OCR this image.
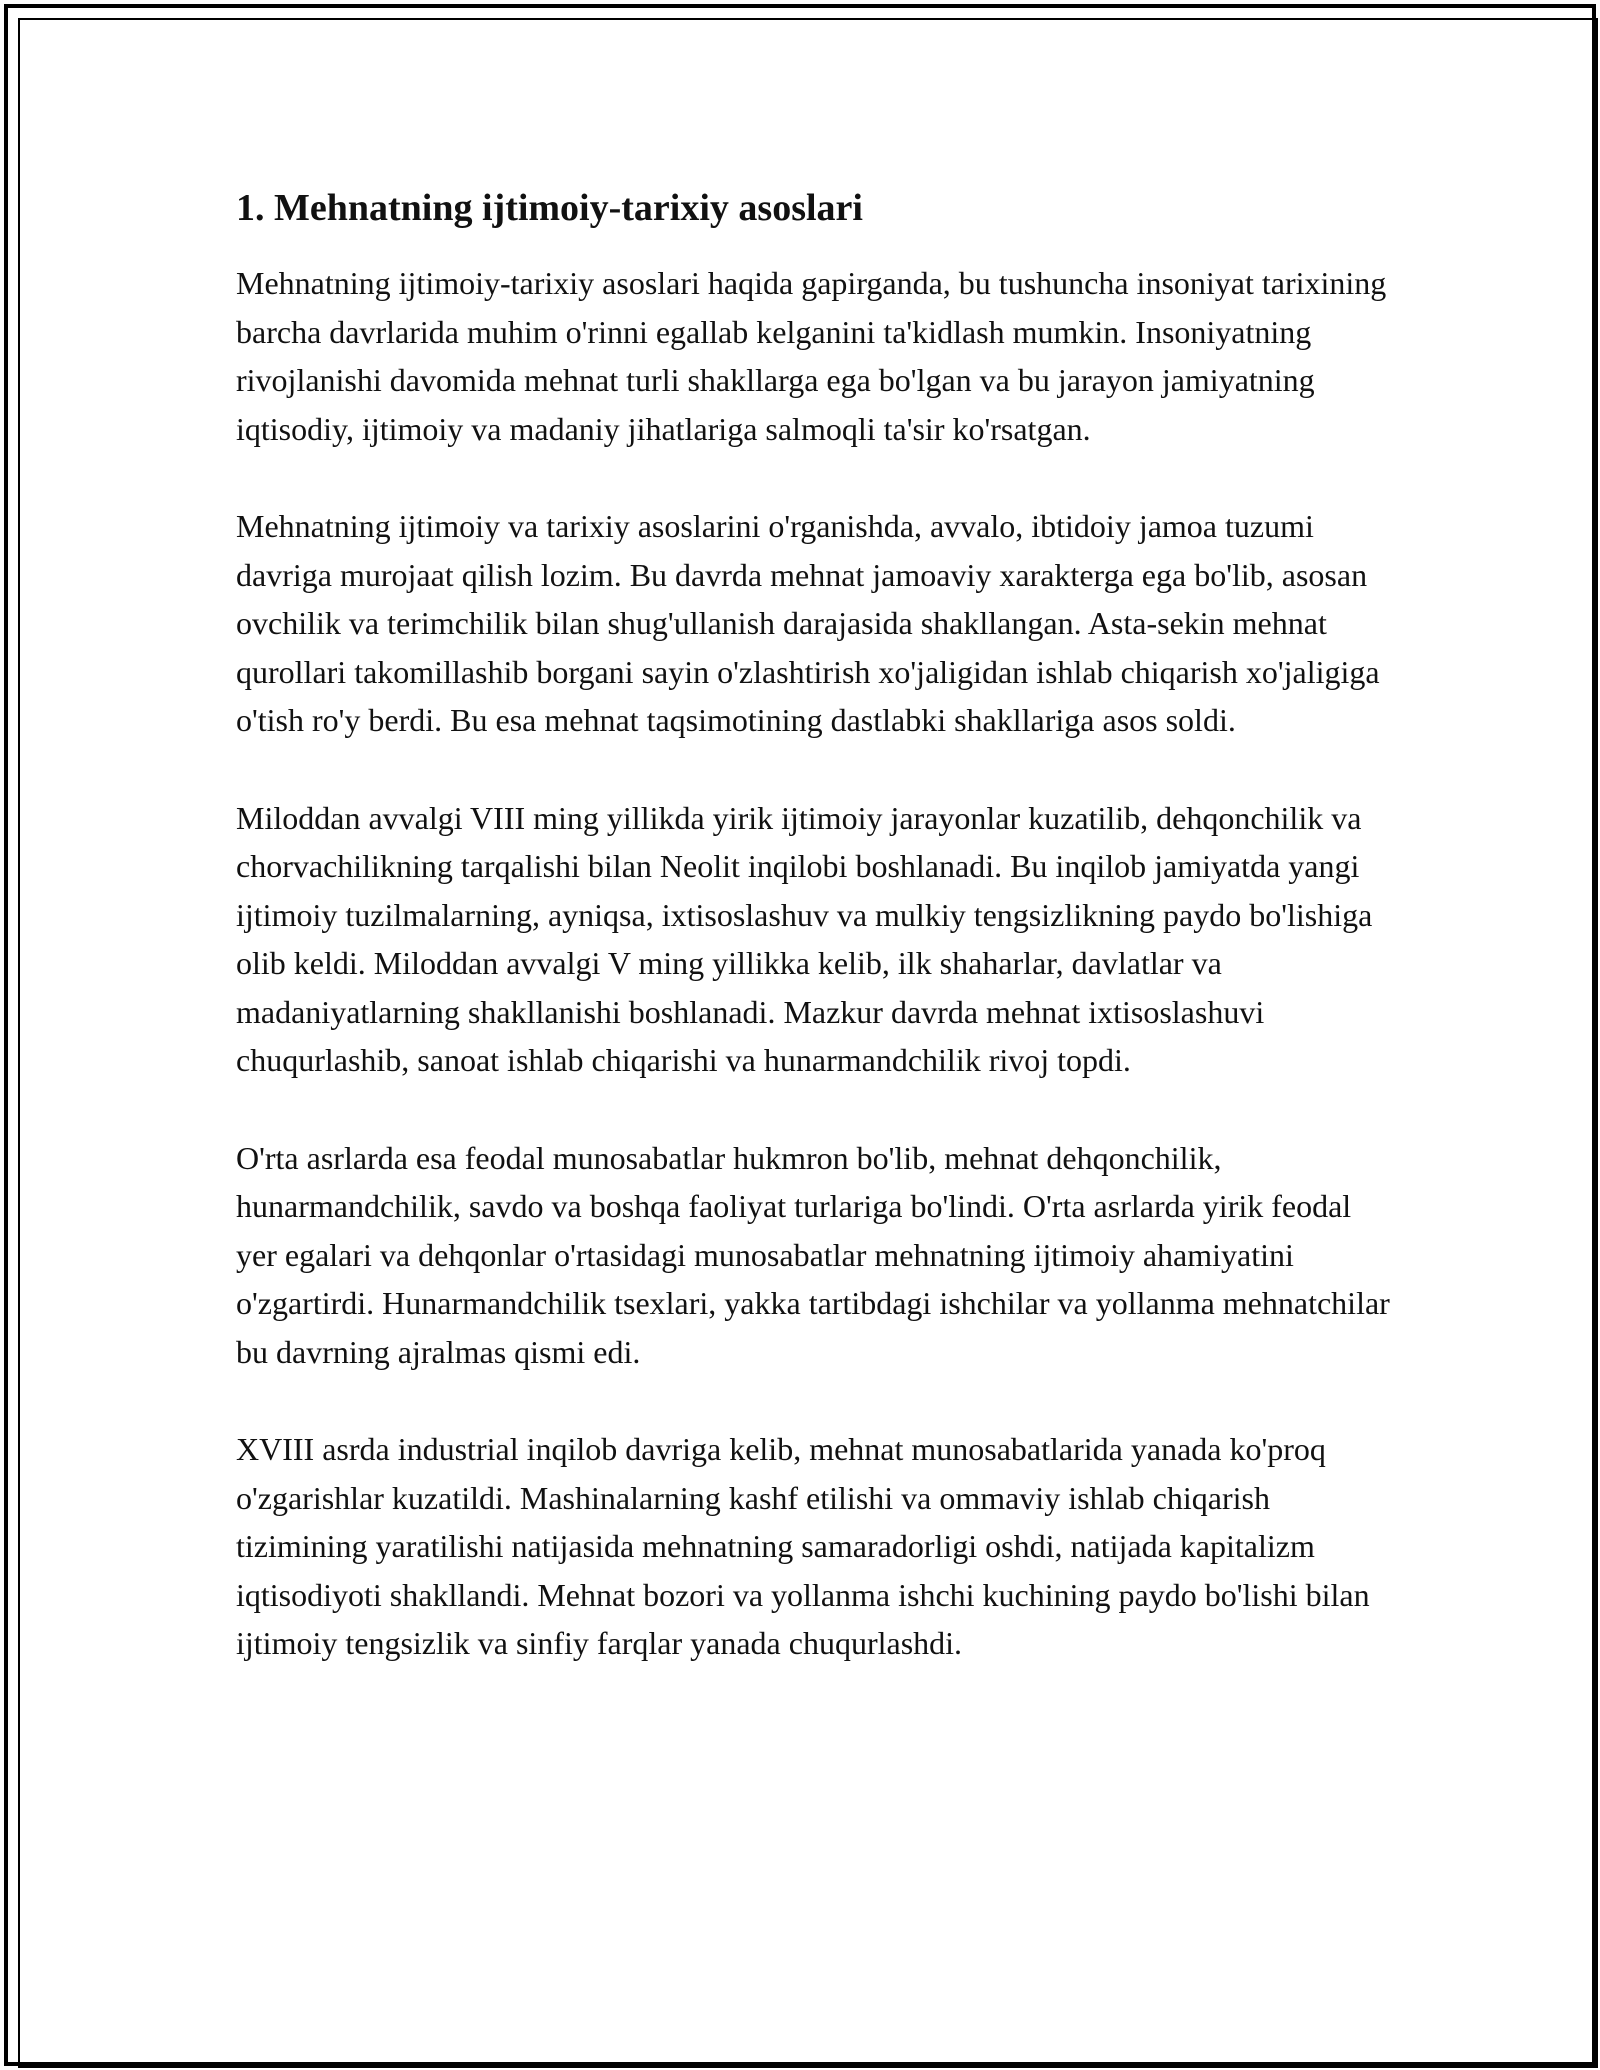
1. Mehnatning ijtimoiy-tarixiy asoslari

Mehnatning ijtimoiy-tarixiy asoslari haqida gapirganda, bu tushuncha insoniyat tarixining barcha davrlarida muhim o'rinni egallab kelganini ta'kidlash mumkin. Insoniyatning rivojlanishi davomida mehnat turli shakllarga ega bo'lgan va bu jarayon jamiyatning iqtisodiy, ijtimoiy va madaniy jihatlariga salmoqli ta'sir ko'rsatgan.

Mehnatning ijtimoiy va tarixiy asoslarini o'rganishda, avvalo, ibtidoiy jamoa tuzumi davriga murojaat qilish lozim. Bu davrda mehnat jamoaviy xarakterga ega bo'lib, asosan ovchilik va terimchilik bilan shug'ullanish darajasida shakllangan. Asta-sekin mehnat qurollari takomillashib borgani sayin o'zlashtirish xo'jaligidan ishlab chiqarish xo'jaligiga o'tish ro'y berdi. Bu esa mehnat taqsimotining dastlabki shakllariga asos soldi.

Miloddan avvalgi VIII ming yillikda yirik ijtimoiy jarayonlar kuzatilib, dehqonchilik va chorvachilikning tarqalishi bilan Neolit inqilobi boshlanadi. Bu inqilob jamiyatda yangi ijtimoiy tuzilmalarning, ayniqsa, ixtisoslashuv va mulkiy tengsizlikning paydo bo'lishiga olib keldi. Miloddan avvalgi V ming yillikka kelib, ilk shaharlar, davlatlar va madaniyatlarning shakllanishi boshlanadi. Mazkur davrda mehnat ixtisoslashuvi chuqurlashib, sanoat ishlab chiqarishi va hunarmandchilik rivoj topdi.

O'rta asrlarda esa feodal munosabatlar hukmron bo'lib, mehnat dehqonchilik, hunarmandchilik, savdo va boshqa faoliyat turlariga bo'lindi. O'rta asrlarda yirik feodal yer egalari va dehqonlar o'rtasidagi munosabatlar mehnatning ijtimoiy ahamiyatini o'zgartirdi. Hunarmandchilik tsexlari, yakka tartibdagi ishchilar va yollanma mehnatchilar bu davrning ajralmas qismi edi.

XVIII asrda industrial inqilob davriga kelib, mehnat munosabatlarida yanada ko'proq o'zgarishlar kuzatildi. Mashinalarning kashf etilishi va ommaviy ishlab chiqarish tizimining yaratilishi natijasida mehnatning samaradorligi oshdi, natijada kapitalizm iqtisodiyoti shakllandi. Mehnat bozori va yollanma ishchi kuchining paydo bo'lishi bilan ijtimoiy tengsizlik va sinfiy farqlar yanada chuqurlashdi.
